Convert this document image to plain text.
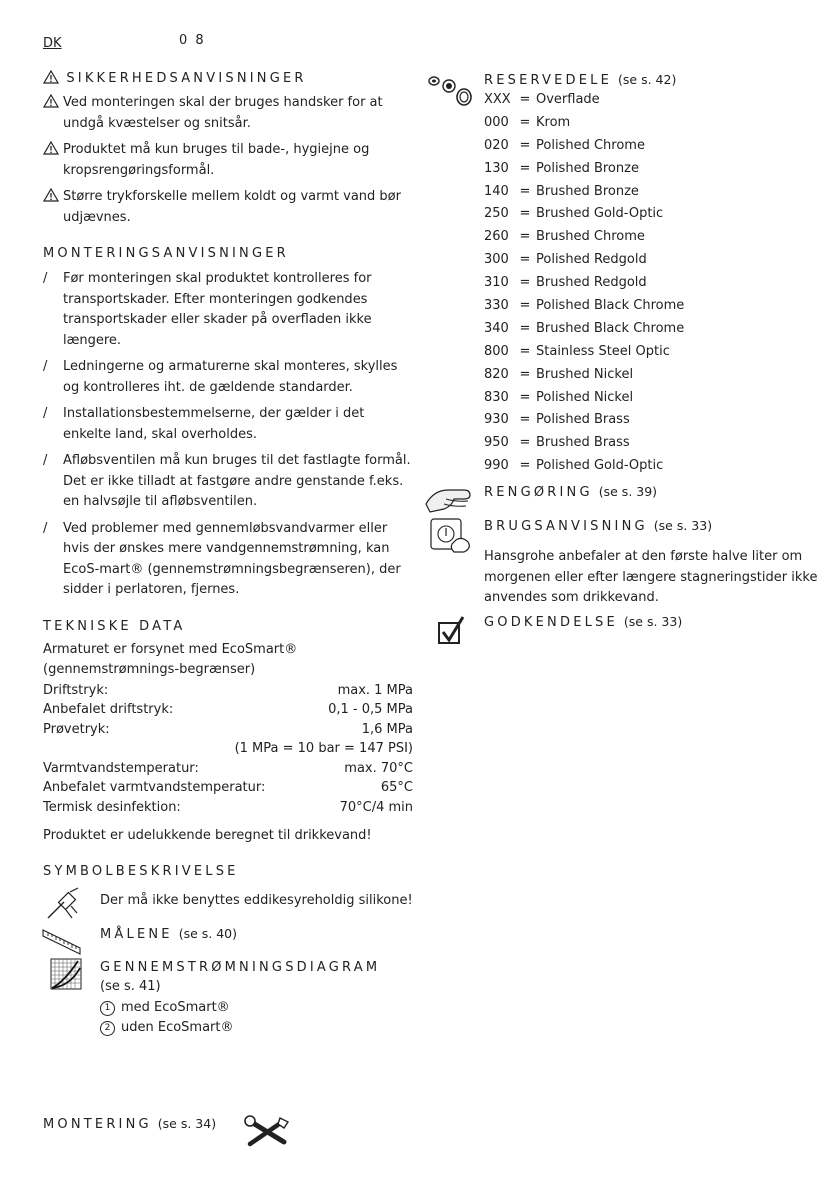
DK	0 8
SIKKERHEDSANVISNINGER
Ved monteringen skal der bruges handsker for at undgå kvæstelser og snitsår.
Produktet må kun bruges til bade-, hygiejne og kropsrengøringsformål.
Større trykforskelle mellem koldt og varmt vand bør udjævnes.
MONTERINGSANVISNINGER
/	Før monteringen skal produktet kontrolleres for transportskader. Efter monteringen godkendes transportskader eller skader på overfladen ikke længere.
/	Ledningerne og armaturerne skal monteres, skylles og kontrolleres iht. de gældende standarder.
/	Installationsbestemmelserne, der gælder i det enkelte land, skal overholdes.
/	Afløbsventilen må kun bruges til det fastlagte formål. Det er ikke tilladt at fastgøre andre genstande f.eks. en halvsøjle til afløbsventilen.
/	Ved problemer med gennemløbsvandvarmer eller hvis der ønskes mere vandgennemstrømning, kan EcoS-mart® (gennemstrømningsbegrænseren), der sidder i perlatoren, fjernes.
TEKNISKE DATA
Armaturet er forsynet med EcoSmart® (gennemstrømnings-begrænser)
Driftstryk:	max. 1 MPa
Anbefalet driftstryk:	0,1 - 0,5 MPa
Prøvetryk:	1,6 MPa
(1 MPa = 10 bar = 147 PSI)
Varmtvandstemperatur:	max. 70°C
Anbefalet varmtvandstemperatur:	65°C
Termisk desinfektion:	70°C/4 min
Produktet er udelukkende beregnet til drikkevand!
SYMBOLBESKRIVELSE
Der må ikke benyttes eddikesyreholdig silikone!
MÅLENE (se s. 40)
GENNEMSTRØMNINGSDIAGRAM
(se s. 41)
1 med EcoSmart®
2 uden EcoSmart®
MONTERING (se s. 34)
RESERVEDELE (se s. 42)
XXX = Overflade
000 = Krom
020 = Polished Chrome
130 = Polished Bronze
140 = Brushed Bronze
250 = Brushed Gold-Optic
260 = Brushed Chrome
300 = Polished Redgold
310 = Brushed Redgold
330 = Polished Black Chrome
340 = Brushed Black Chrome
800 = Stainless Steel Optic
820 = Brushed Nickel
830 = Polished Nickel
930 = Polished Brass
950 = Brushed Brass
990 = Polished Gold-Optic
RENGØRING (se s. 39)
BRUGSANVISNING (se s. 33)
Hansgrohe anbefaler at den første halve liter om morgenen eller efter længere stagneringstider ikke anvendes som drikkevand.
GODKENDELSE (se s. 33)
